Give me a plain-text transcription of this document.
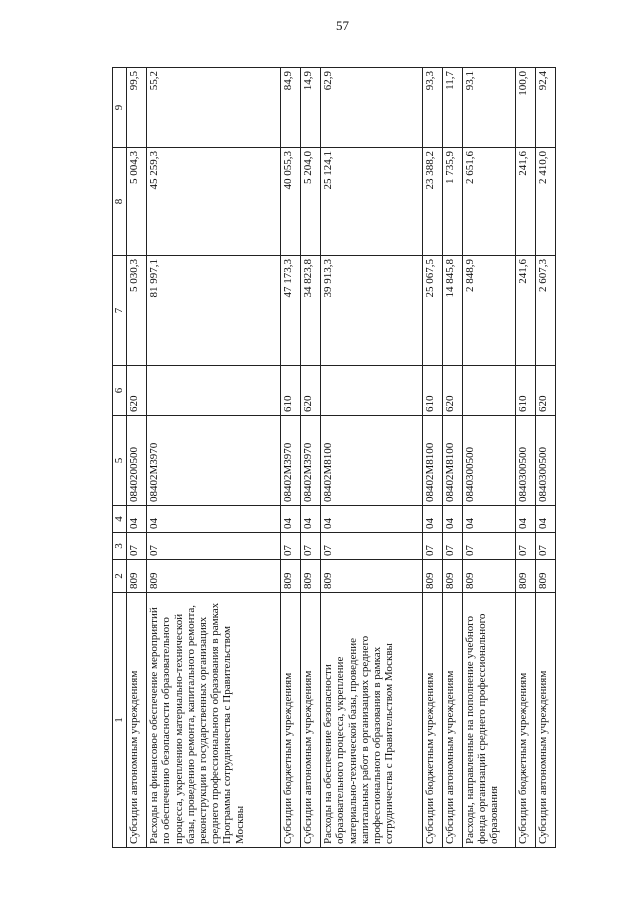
57
1	2	3	4	5	6	7	8	9
Субсидии автономным учреждениям	809	07	04	0840200500	620	5 030,3	5 004,3	99,5
Расходы на финансовое обеспечение мероприятий по обеспечению безопасности образовательного процесса, укреплению материально-технической базы, проведению ремонта, капитального ремонта, реконструкции в государственных организациях среднего профессионального образования в рамках Программы сотрудничества с Правительством Москвы	809	07	04	08402M3970		81 997,1	45 259,3	55,2
Субсидии бюджетным учреждениям	809	07	04	08402M3970	610	47 173,3	40 055,3	84,9
Субсидии автономным учреждениям	809	07	04	08402M3970	620	34 823,8	5 204,0	14,9
Расходы на обеспечение безопасности образовательного процесса, укрепление материально-технической базы, проведение капитальных работ в организациях среднего профессионального образования в рамках сотрудничества с Правительством Москвы	809	07	04	08402M8100		39 913,3	25 124,1	62,9
Субсидии бюджетным учреждениям	809	07	04	08402M8100	610	25 067,5	23 388,2	93,3
Субсидии автономным учреждениям	809	07	04	08402M8100	620	14 845,8	1 735,9	11,7
Расходы, направленные на пополнение учебного фонда организаций среднего профессионального образования	809	07	04	0840300500		2 848,9	2 651,6	93,1
Субсидии бюджетным учреждениям	809	07	04	0840300500	610	241,6	241,6	100,0
Субсидии автономным учреждениям	809	07	04	0840300500	620	2 607,3	2 410,0	92,4
